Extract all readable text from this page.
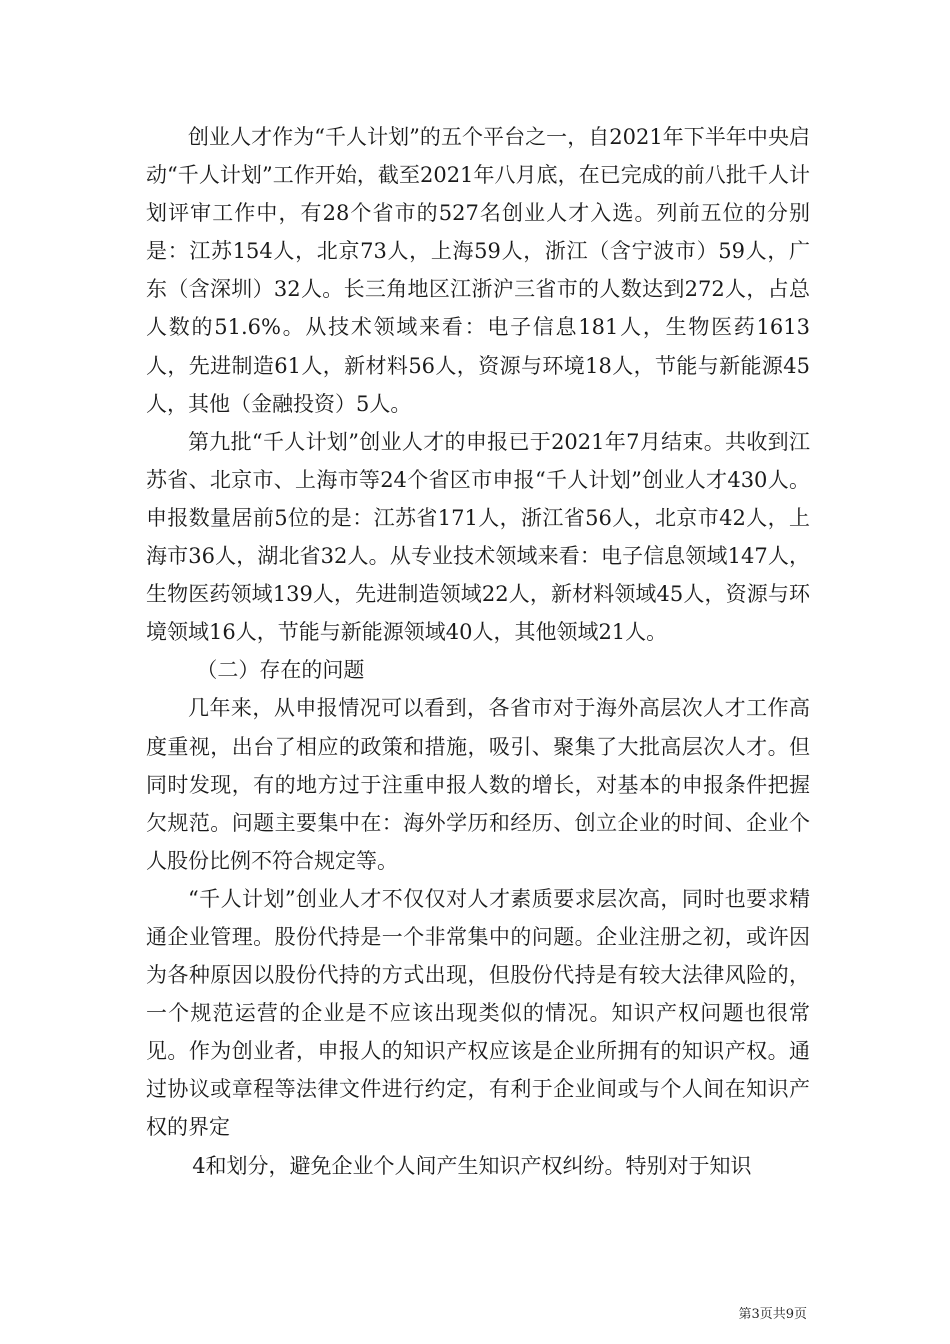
创业人才作为“千人计划”的五个平台之一，自2021年下半年中央启动“千人计划”工作开始，截至2021年八月底，在已完成的前八批千人计划评审工作中，有28个省市的527名创业人才入选。列前五位的分别是：江苏154人，北京73人，上海59人，浙江（含宁波市）59人，广东（含深圳）32人。长三角地区江浙沪三省市的人数达到272人，占总人数的51.6%。从技术领域来看：电子信息181人，生物医药1613人，先进制造61人，新材料56人，资源与环境18人，节能与新能源45人，其他（金融投资）5人。

第九批“千人计划”创业人才的申报已于2021年7月结束。共收到江苏省、北京市、上海市等24个省区市申报“千人计划”创业人才430人。申报数量居前5位的是：江苏省171人，浙江省56人，北京市42人，上海市36人，湖北省32人。从专业技术领域来看：电子信息领域147人，生物医药领域139人，先进制造领域22人，新材料领域45人，资源与环境领域16人，节能与新能源领域40人，其他领域21人。

（二）存在的问题

几年来，从申报情况可以看到，各省市对于海外高层次人才工作高度重视，出台了相应的政策和措施，吸引、聚集了大批高层次人才。但同时发现，有的地方过于注重申报人数的增长，对基本的申报条件把握欠规范。问题主要集中在：海外学历和经历、创立企业的时间、企业个人股份比例不符合规定等。

“千人计划”创业人才不仅仅对人才素质要求层次高，同时也要求精通企业管理。股份代持是一个非常集中的问题。企业注册之初，或许因为各种原因以股份代持的方式出现，但股份代持是有较大法律风险的，一个规范运营的企业是不应该出现类似的情况。知识产权问题也很常见。作为创业者，申报人的知识产权应该是企业所拥有的知识产权。通过协议或章程等法律文件进行约定，有利于企业间或与个人间在知识产权的界定

4和划分，避免企业个人间产生知识产权纠纷。特别对于知识

第3页共9页
